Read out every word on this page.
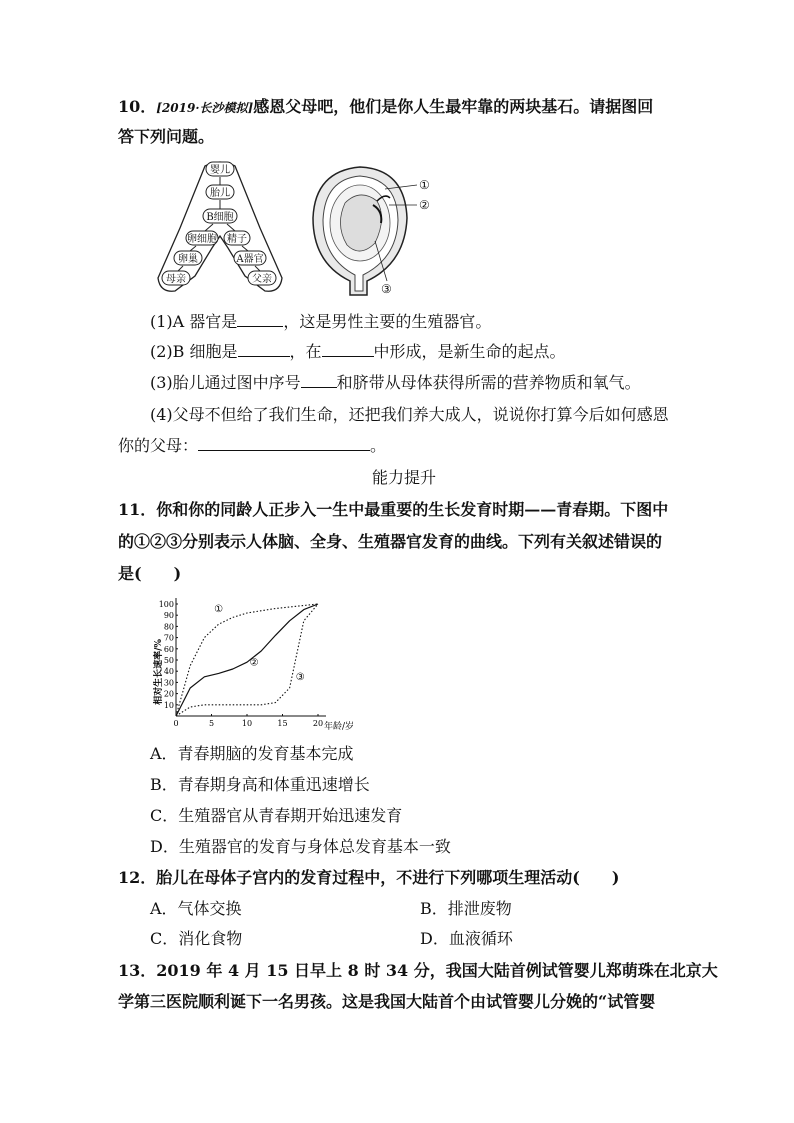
10．[2019·长沙模拟]感恩父母吧，他们是你人生最牢靠的两块基石。请据图回
答下列问题。
婴儿
胎儿
B细胞
卵细胞 精子
卵巢	A器官
母亲	父亲
①
②
③
(1)A 器官是	，这是男性主要的生殖器官。
(2)B 细胞是	，在	中形成，是新生命的起点。
(3)胎儿通过图中序号 和脐带从母体获得所需的营养物质和氧气。
(4)父母不但给了我们生命，还把我们养大成人，说说你打算今后如何感恩
你的父母：	。
能力提升
11．你和你的同龄人正步入一生中最重要的生长发育时期——青春期。下图中
的①②③分别表示人体脑、全身、生殖器官发育的曲线。下列有关叙述错误的
是(　　)
相对生长速率/%
年龄/岁
0	5	10	15	20
10
20
30
40
50
60
70
80
90
100	①
②
③
A．青春期脑的发育基本完成
B．青春期身高和体重迅速增长
C．生殖器官从青春期开始迅速发育
D．生殖器官的发育与身体总发育基本一致
12．胎儿在母体子宫内的发育过程中，不进行下列哪项生理活动(　　)
A．气体交换	B．排泄废物
C．消化食物	D．血液循环
13．2019 年 4 月 15 日早上 8 时 34 分，我国大陆首例试管婴儿郑萌珠在北京大
学第三医院顺利诞下一名男孩。这是我国大陆首个由试管婴儿分娩的“试管婴
